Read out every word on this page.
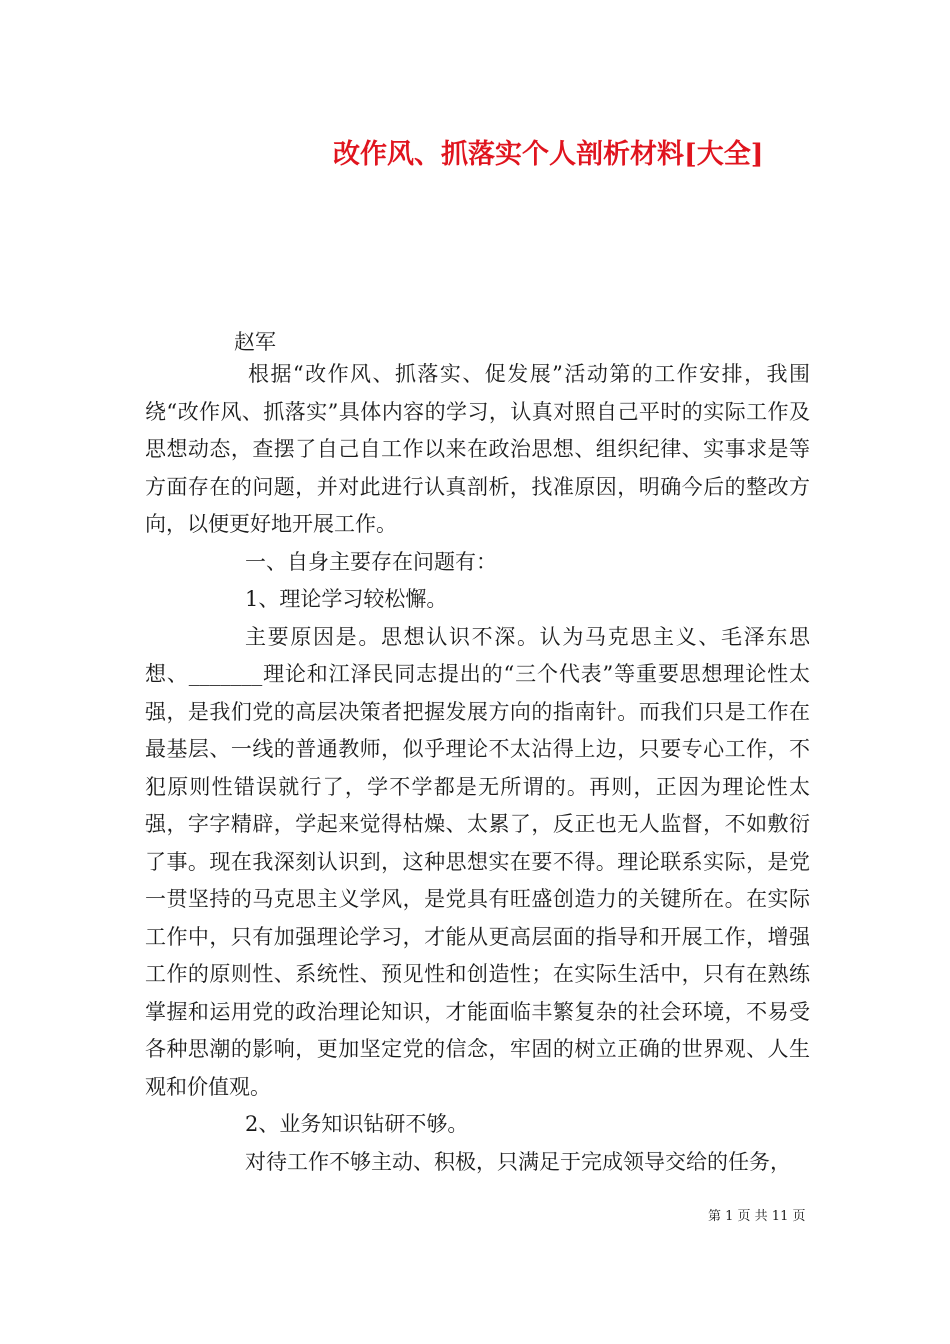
改作风、抓落实个人剖析材料[大全]
赵军

根据“改作风、抓落实、促发展”活动第的工作安排，我围绕“改作风、抓落实”具体内容的学习，认真对照自己平时的实际工作及思想动态，查摆了自己自工作以来在政治思想、组织纪律、实事求是等方面存在的问题，并对此进行认真剖析，找准原因，明确今后的整改方向，以便更好地开展工作。

一、自身主要存在问题有：

1、理论学习较松懈。

主要原因是。思想认识不深。认为马克思主义、毛泽东思想、_______理论和江泽民同志提出的“三个代表”等重要思想理论性太强，是我们党的高层决策者把握发展方向的指南针。而我们只是工作在最基层、一线的普通教师，似乎理论不太沾得上边，只要专心工作，不犯原则性错误就行了，学不学都是无所谓的。再则，正因为理论性太强，字字精辟，学起来觉得枯燥、太累了，反正也无人监督，不如敷衍了事。现在我深刻认识到，这种思想实在要不得。理论联系实际，是党一贯坚持的马克思主义学风，是党具有旺盛创造力的关键所在。在实际工作中，只有加强理论学习，才能从更高层面的指导和开展工作，增强工作的原则性、系统性、预见性和创造性；在实际生活中，只有在熟练掌握和运用党的政治理论知识，才能面临丰繁复杂的社会环境，不易受各种思潮的影响，更加坚定党的信念，牢固的树立正确的世界观、人生观和价值观。

2、业务知识钻研不够。

对待工作不够主动、积极，只满足于完成领导交给的任务，

第 1 页 共 11 页
